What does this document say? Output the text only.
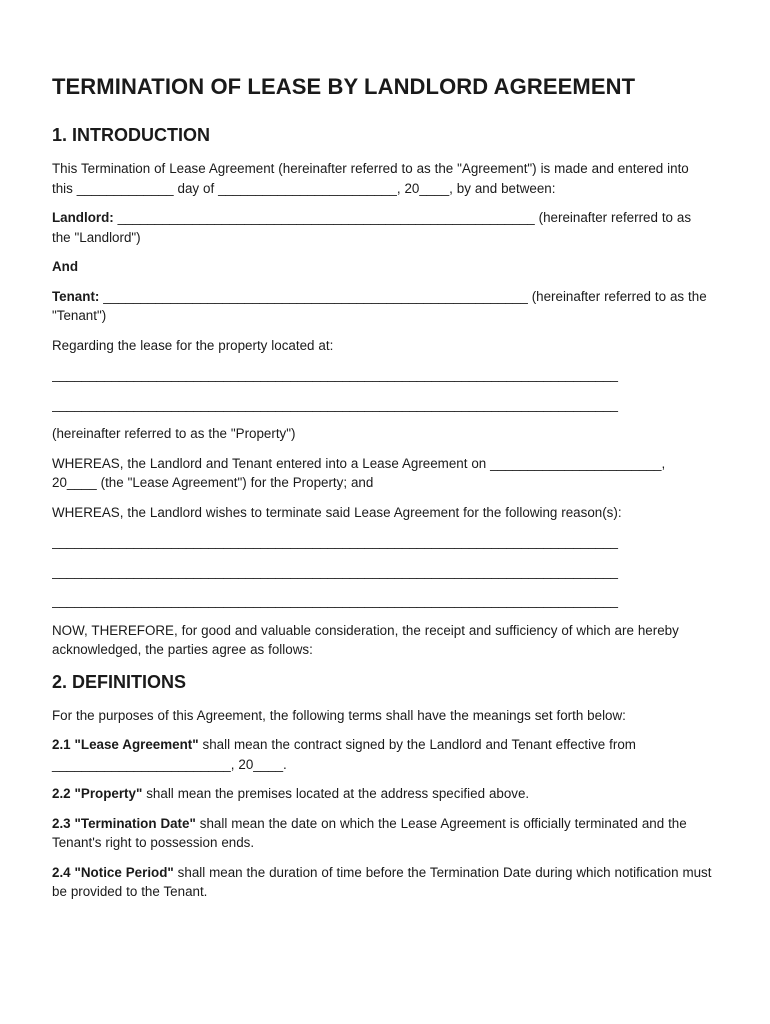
TERMINATION OF LEASE BY LANDLORD AGREEMENT
1. INTRODUCTION

This Termination of Lease Agreement (hereinafter referred to as the "Agreement") is made and entered into this _____________ day of ________________________, 20____, by and between:

Landlord: ________________________________________________________ (hereinafter referred to as the "Landlord")

And

Tenant: _________________________________________________________ (hereinafter referred to as the "Tenant")

Regarding the lease for the property located at:

____________________________________________________________________________
____________________________________________________________________________

(hereinafter referred to as the "Property")

WHEREAS, the Landlord and Tenant entered into a Lease Agreement on _______________________, 20____ (the "Lease Agreement") for the Property; and

WHEREAS, the Landlord wishes to terminate said Lease Agreement for the following reason(s):

____________________________________________________________________________
____________________________________________________________________________
____________________________________________________________________________

NOW, THEREFORE, for good and valuable consideration, the receipt and sufficiency of which are hereby acknowledged, the parties agree as follows:

2. DEFINITIONS

For the purposes of this Agreement, the following terms shall have the meanings set forth below:

2.1 "Lease Agreement" shall mean the contract signed by the Landlord and Tenant effective from ________________________, 20____.

2.2 "Property" shall mean the premises located at the address specified above.

2.3 "Termination Date" shall mean the date on which the Lease Agreement is officially terminated and the Tenant's right to possession ends.

2.4 "Notice Period" shall mean the duration of time before the Termination Date during which notification must be provided to the Tenant.
